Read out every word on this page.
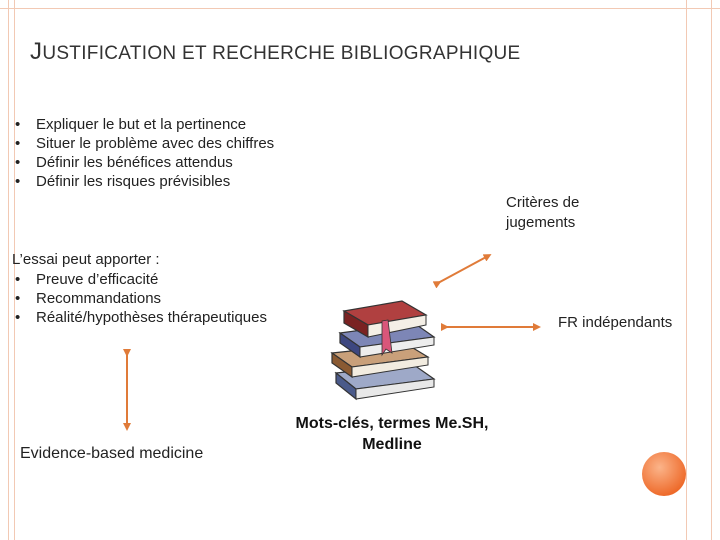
JUSTIFICATION ET RECHERCHE BIBLIOGRAPHIQUE
• Expliquer le but et la pertinence
• Situer le problème avec des chiffres
• Définir les bénéfices attendus
• Définir les risques prévisibles
Critères de jugements
L’essai peut apporter :
• Preuve d’efficacité
• Recommandations
• Réalité/hypothèses thérapeutiques	FR indépendants
Evidence-based medicine
Mots-clés, termes Me.SH, Medline
